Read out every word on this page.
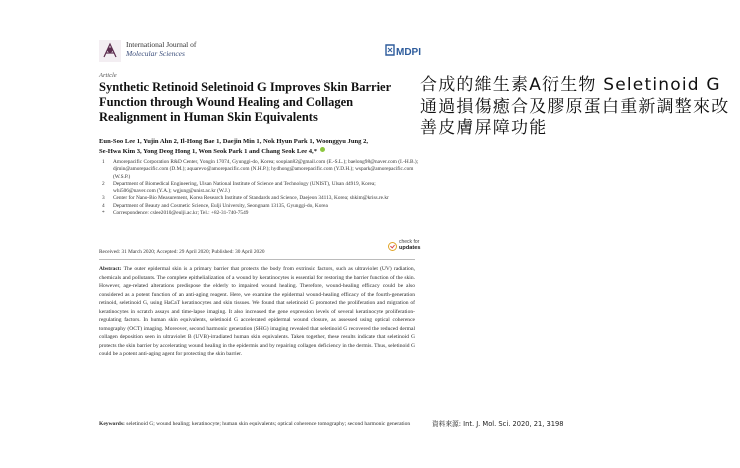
International Journal of
Molecular Sciences	MDPI
Article
Synthetic Retinoid Seletinoid G Improves Skin Barrier Function through Wound Healing and Collagen Realignment in Human Skin Equivalents
Eun-Soo Lee 1, Yujin Ahn 2, Il-Hong Bae 1, Daejin Min 1, Nok Hyun Park 1, Woonggyu Jung 2,
Se-Hwa Kim 3, Yong Deog Hong 1, Won Seok Park 1 and Chang Seok Lee 4,*

1 Amorepacific Corporation R&D Center, Yongin 17074, Gyunggi-do, Korea; soopian82@gmail.com (E.-S.L.); baelong98@naver.com (I.-H.B.); djmin@amorepacific.com (D.M.); aquarevo@amorepacific.com (N.H.P.); hydhong@amorepacific.com (Y.D.H.); wspark@amorepacific.com (W.S.P.)

2 Department of Biomedical Engineering, Ulsan National Institute of Science and Technology (UNIST), Ulsan 44919, Korea; whi506@naver.com (Y.A.); wgjung@unist.ac.kr (W.J.)

3 Center for Nano-Bio Measurement, Korea Research Institute of Standards and Science, Daejeon 34113, Korea; shkim@kriss.re.kr

4 Department of Beauty and Cosmetic Science, Eulji University, Seongnam 13135, Gyunggi-do, Korea

* Correspondence: cslee2010@eulji.ac.kr; Tel.: +82-31-740-7549

Received: 31 March 2020; Accepted: 29 April 2020; Published: 30 April 2020
check for
updates

Abstract: The outer epidermal skin is a primary barrier that protects the body from extrinsic factors, such as ultraviolet (UV) radiation, chemicals and pollutants. The complete epithelialization of a wound by keratinocytes is essential for restoring the barrier function of the skin. However, age-related alterations predispose the elderly to impaired wound healing. Therefore, wound-healing efficacy could be also considered as a potent function of an anti-aging reagent. Here, we examine the epidermal wound-healing efficacy of the fourth-generation retinoid, seletinoid G, using HaCaT keratinocytes and skin tissues. We found that seletinoid G promoted the proliferation and migration of keratinocytes in scratch assays and time-lapse imaging. It also increased the gene expression levels of several keratinocyte proliferation-regulating factors. In human skin equivalents, seletinoid G accelerated epidermal wound closure, as assessed using optical coherence tomography (OCT) imaging. Moreover, second harmonic generation (SHG) imaging revealed that seletinoid G recovered the reduced dermal collagen deposition seen in ultraviolet B (UVB)-irradiated human skin equivalents. Taken together, these results indicate that seletinoid G protects the skin barrier by accelerating wound healing in the epidermis and by repairing collagen deficiency in the dermis. Thus, seletinoid G could be a potent anti-aging agent for protecting the skin barrier.

Keywords: seletinoid G; wound healing; keratinocyte; human skin equivalents; optical coherence tomography; second harmonic generation

合成的維生素A衍生物 Seletinoid G 通過損傷癒合及膠原蛋白重新調整來改善皮膚屏障功能
資料來源: Int. J. Mol. Sci. 2020, 21, 3198
